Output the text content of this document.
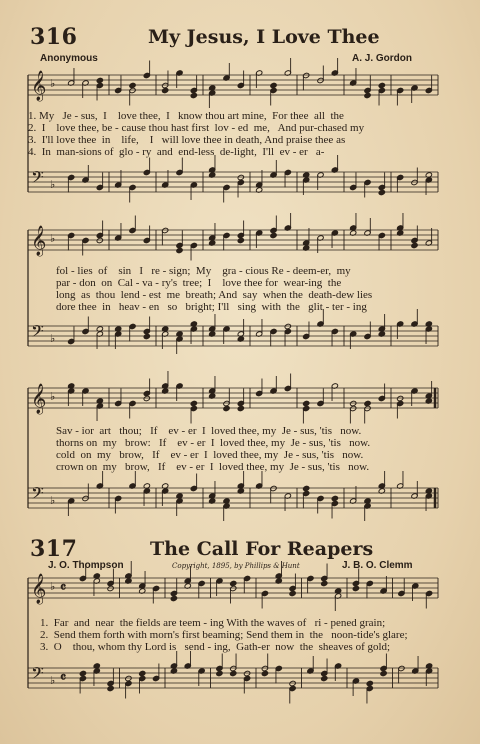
𝄞
𝄢
♭
♭
𝄞
𝄢
♭
♭
𝄞
𝄢
♭
♭
𝄞
𝄢
♭
♭
𝄴
𝄴
316	My Jesus, I Love Thee
Anonymous	A. J. Gordon
1. My   Je - sus,  I    love thee,  I   know thou art mine,  For thee  all  the
2.  I    love thee, be - cause thou hast first  lov - ed  me,   And pur-chased my
3.  I'll love thee  in    life,    I   will love thee in death, And praise thee as
4.  In  man-sions of  glo - ry  and  end-less  de-light,  I'll  ev - er   a-
fol - lies  of    sin   I   re - sign;  My    gra - cious Re - deem-er,  my
par - don  on  Cal - va - ry's  tree;  I    love thee for  wear-ing  the
long  as  thou  lend - est  me  breath; And  say  when the  death-dew lies
dore thee  in   heav - en   so   bright; I'll   sing  with  the   glit - ter - ing
Sav - ior  art   thou;   If    ev - er  I  loved thee, my  Je - sus, 'tis   now.
thorns on  my   brow:   If    ev - er  I  loved thee, my  Je - sus, 'tis   now.
cold  on  my   brow,   If    ev - er  I  loved thee, my  Je - sus, 'tis   now.
crown on  my   brow,   If    ev - er  I  loved thee, my  Je - sus, 'tis   now.
317	The Call For Reapers
J. O. Thompson	Copyright, 1895, by Phillips & Hunt	J. B. O. Clemm
1.  Far  and  near  the fields are teem - ing With the waves of   ri - pened grain;
2.  Send them forth with morn's first beaming; Send them in  the   noon-tide's glare;
3.  O    thou, whom thy Lord is   send - ing,  Gath-er  now  the  sheaves of gold;
